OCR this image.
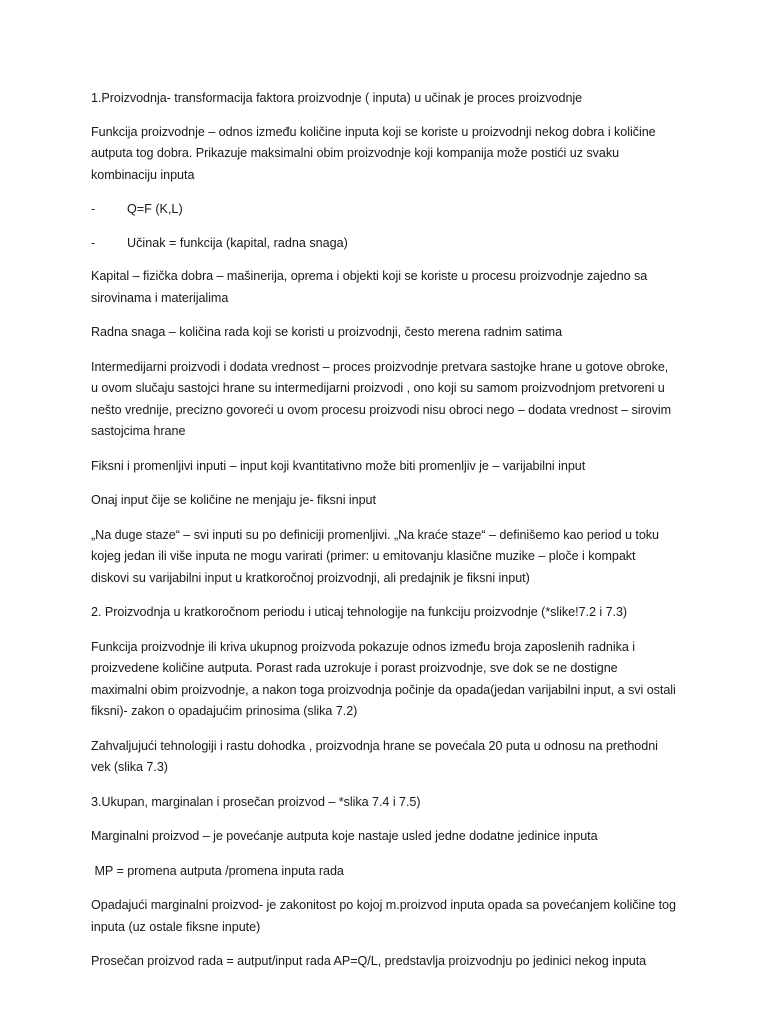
1.Proizvodnja- transformacija faktora proizvodnje ( inputa) u učinak je proces proizvodnje

Funkcija proizvodnje – odnos između količine inputa koji se koriste u proizvodnji nekog dobra i količine autputa tog dobra. Prikazuje maksimalni obim proizvodnje koji kompanija može postići uz svaku kombinaciju inputa

-	Q=F (K,L)
-	Učinak = funkcija (kapital, radna snaga)

Kapital – fizička dobra – mašinerija, oprema i objekti koji se koriste u procesu proizvodnje zajedno sa sirovinama i materijalima

Radna snaga – količina rada koji se koristi u proizvodnji, često merena radnim satima

Intermedijarni proizvodi i dodata vrednost – proces proizvodnje pretvara sastojke hrane u gotove obroke, u ovom slučaju sastojci hrane su intermedijarni proizvodi , ono koji su samom proizvodnjom pretvoreni u nešto vrednije, precizno govoreći u ovom procesu proizvodi nisu obroci nego – dodata vrednost – sirovim sastojcima hrane

Fiksni i promenljivi inputi – input koji kvantitativno može biti promenljiv je – varijabilni input

Onaj input čije se količine ne menjaju je- fiksni input

„Na duge staze“ – svi inputi su po definiciji promenljivi. „Na kraće staze“ – definišemo kao period u toku kojeg jedan ili više inputa ne mogu varirati (primer: u emitovanju klasične muzike – ploče i kompakt diskovi su varijabilni input u kratkoročnoj proizvodnji, ali predajnik je fiksni input)

2. Proizvodnja u kratkoročnom periodu i uticaj tehnologije na funkciju proizvodnje (*slike!7.2 i 7.3)

Funkcija proizvodnje ili kriva ukupnog proizvoda pokazuje odnos između broja zaposlenih radnika i proizvedene količine autputa. Porast rada uzrokuje i porast proizvodnje, sve dok se ne dostigne maximalni obim proizvodnje, a nakon toga proizvodnja počinje da opada(jedan varijabilni input, a svi ostali fiksni)- zakon o opadajućim prinosima (slika 7.2)

Zahvaljujući tehnologiji i rastu dohodka , proizvodnja hrane se povećala 20 puta u odnosu na prethodni vek (slika 7.3)

3.Ukupan, marginalan i prosečan proizvod – *slika 7.4 i 7.5)

Marginalni proizvod – je povećanje autputa koje nastaje usled jedne dodatne jedinice inputa

MP = promena autputa /promena inputa rada

Opadajući marginalni proizvod- je zakonitost po kojoj m.proizvod inputa opada sa povećanjem količine tog inputa (uz ostale fiksne inpute)

Prosečan proizvod rada = autput/input rada AP=Q/L, predstavlja proizvodnju po jedinici nekog inputa
